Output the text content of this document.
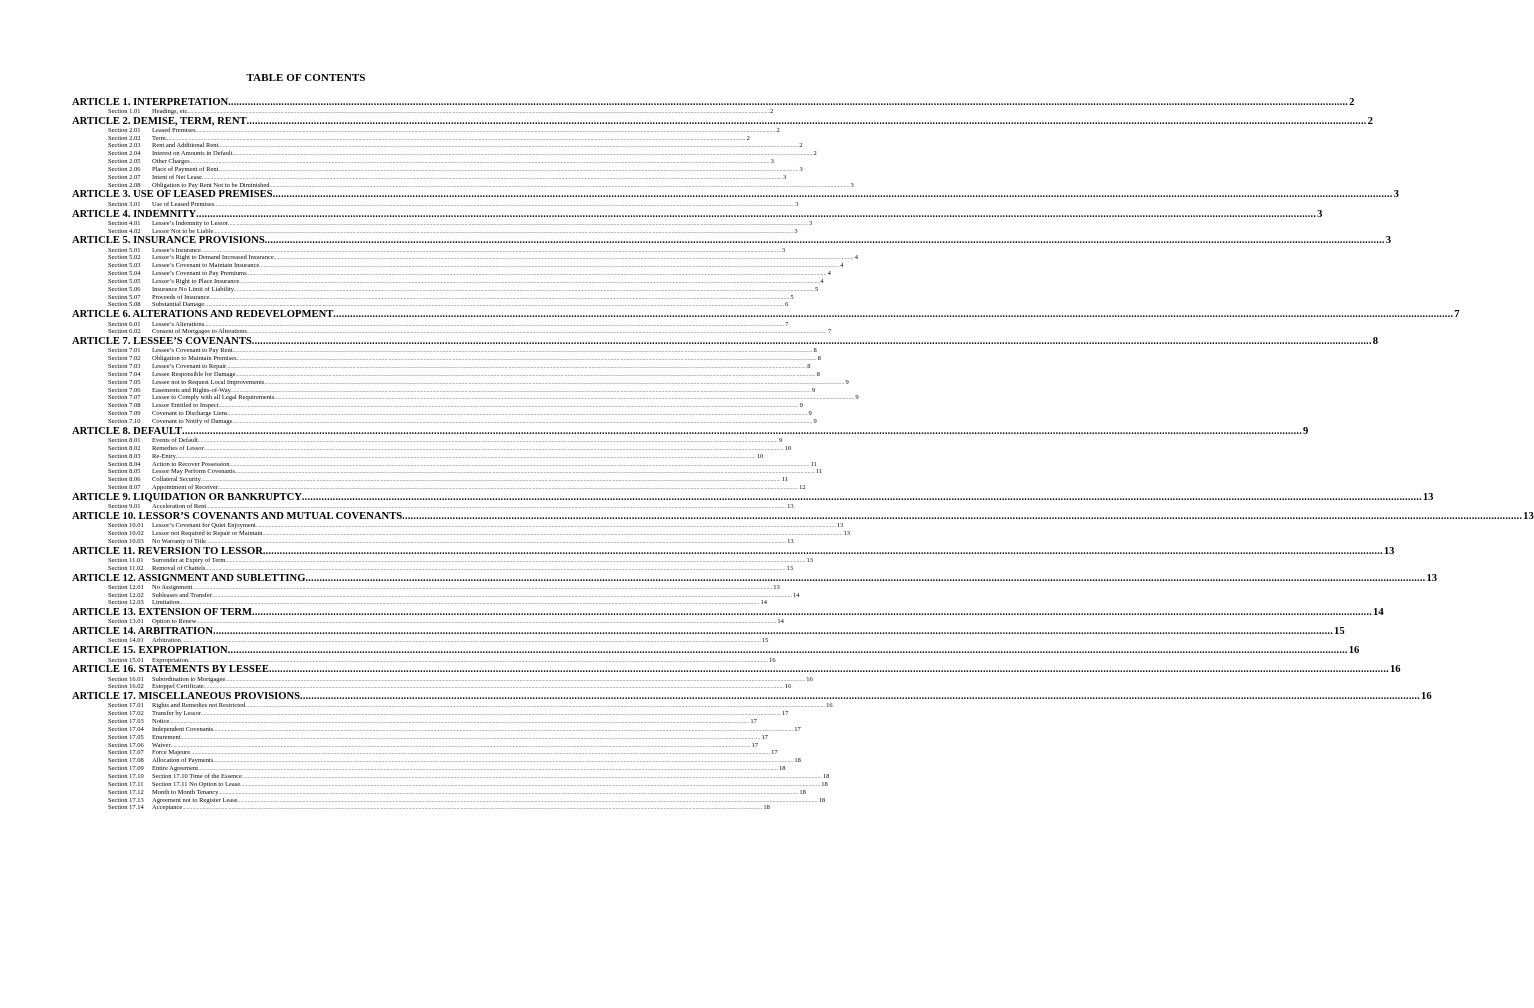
TABLE OF CONTENTS
ARTICLE 1. INTERPRETATION ................................................................................................................................................................................................................................................................................................................................................................................................................ 2
Section 1.01	Headings, etc. ................................................................................................................................................................................................................................................................................................................................................................................................................ 2
ARTICLE 2. DEMISE, TERM, RENT ................................................................................................................................................................................................................................................................................................................................................................................................................ 2
Section 2.01	Leased Premises ................................................................................................................................................................................................................................................................................................................................................................................................................ 2
Section 2.02	Term ................................................................................................................................................................................................................................................................................................................................................................................................................ 2
Section 2.03	Rent and Additional Rent ................................................................................................................................................................................................................................................................................................................................................................................................................ 2
Section 2.04	Interest on Amounts in Default ................................................................................................................................................................................................................................................................................................................................................................................................................ 2
Section 2.05	Other Charges ................................................................................................................................................................................................................................................................................................................................................................................................................ 3
Section 2.06	Place of Payment of Rent ................................................................................................................................................................................................................................................................................................................................................................................................................ 3
Section 2.07	Intent of Net Lease ................................................................................................................................................................................................................................................................................................................................................................................................................ 3
Section 2.08	Obligation to Pay Rent Not to be Diminished ................................................................................................................................................................................................................................................................................................................................................................................................................ 3
ARTICLE 3. USE OF LEASED PREMISES ................................................................................................................................................................................................................................................................................................................................................................................................................ 3
Section 3.01	Use of Leased Premises ................................................................................................................................................................................................................................................................................................................................................................................................................ 3
ARTICLE 4. INDEMNITY ................................................................................................................................................................................................................................................................................................................................................................................................................ 3
Section 4.01	Lessee’s Indemnity to Lessor ................................................................................................................................................................................................................................................................................................................................................................................................................ 3
Section 4.02	Lessor Not to be Liable ................................................................................................................................................................................................................................................................................................................................................................................................................ 3
ARTICLE 5. INSURANCE PROVISIONS ................................................................................................................................................................................................................................................................................................................................................................................................................ 3
Section 5.01	Lessee’s Insurance ................................................................................................................................................................................................................................................................................................................................................................................................................ 3
Section 5.02	Lessor’s Right to Demand Increased Insurance ................................................................................................................................................................................................................................................................................................................................................................................................................ 4
Section 5.03	Lessee’s Covenant to Maintain Insurance ................................................................................................................................................................................................................................................................................................................................................................................................................ 4
Section 5.04	Lessee’s Covenant to Pay Premiums ................................................................................................................................................................................................................................................................................................................................................................................................................ 4
Section 5.05	Lessor’s Right to Place Insurance ................................................................................................................................................................................................................................................................................................................................................................................................................ 4
Section 5.06	Insurance No Limit of Liability ................................................................................................................................................................................................................................................................................................................................................................................................................ 5
Section 5.07	Proceeds of Insurance ................................................................................................................................................................................................................................................................................................................................................................................................................ 5
Section 5.08	Substantial Damage ................................................................................................................................................................................................................................................................................................................................................................................................................ 6
ARTICLE 6. ALTERATIONS AND REDEVELOPMENT ................................................................................................................................................................................................................................................................................................................................................................................................................ 7
Section 6.01	Lessee’s Alterations ................................................................................................................................................................................................................................................................................................................................................................................................................ 7
Section 6.02	Consent of Mortgagee to Alterations ................................................................................................................................................................................................................................................................................................................................................................................................................ 7
ARTICLE 7. LESSEE’S COVENANTS ................................................................................................................................................................................................................................................................................................................................................................................................................ 8
Section 7.01	Lessee’s Covenant to Pay Rent ................................................................................................................................................................................................................................................................................................................................................................................................................ 8
Section 7.02	Obligation to Maintain Premises ................................................................................................................................................................................................................................................................................................................................................................................................................ 8
Section 7.03	Lessee’s Covenant to Repair ................................................................................................................................................................................................................................................................................................................................................................................................................ 8
Section 7.04	Lessee Responsible for Damage ................................................................................................................................................................................................................................................................................................................................................................................................................ 8
Section 7.05	Lessee not to Request Local Improvements ................................................................................................................................................................................................................................................................................................................................................................................................................ 9
Section 7.06	Easements and Rights-of-Way ................................................................................................................................................................................................................................................................................................................................................................................................................ 9
Section 7.07	Lessee to Comply with all Legal Requirements ................................................................................................................................................................................................................................................................................................................................................................................................................ 9
Section 7.08	Lessor Entitled to Inspect ................................................................................................................................................................................................................................................................................................................................................................................................................ 9
Section 7.09	Covenant to Discharge Liens ................................................................................................................................................................................................................................................................................................................................................................................................................ 9
Section 7.10	Covenant to Notify of Damage ................................................................................................................................................................................................................................................................................................................................................................................................................ 9
ARTICLE 8. DEFAULT ................................................................................................................................................................................................................................................................................................................................................................................................................ 9
Section 8.01	Events of Default ................................................................................................................................................................................................................................................................................................................................................................................................................ 9
Section 8.02	Remedies of Lessor ................................................................................................................................................................................................................................................................................................................................................................................................................ 10
Section 8.03	Re-Entry ................................................................................................................................................................................................................................................................................................................................................................................................................ 10
Section 8.04	Action to Recover Possession ................................................................................................................................................................................................................................................................................................................................................................................................................ 11
Section 8.05	Lessor May Perform Covenants ................................................................................................................................................................................................................................................................................................................................................................................................................ 11
Section 8.06	Collateral Security ................................................................................................................................................................................................................................................................................................................................................................................................................ 11
Section 8.07	Appointment of Receiver ................................................................................................................................................................................................................................................................................................................................................................................................................ 12
ARTICLE 9. LIQUIDATION OR BANKRUPTCY ................................................................................................................................................................................................................................................................................................................................................................................................................ 13
Section 9.01	Acceleration of Rent ................................................................................................................................................................................................................................................................................................................................................................................................................ 13
ARTICLE 10. LESSOR’S COVENANTS AND MUTUAL COVENANTS ................................................................................................................................................................................................................................................................................................................................................................................................................ 13
Section 10.01	Lessor’s Covenant for Quiet Enjoyment ................................................................................................................................................................................................................................................................................................................................................................................................................ 13
Section 10.02	Lessor not Required to Repair or Maintain ................................................................................................................................................................................................................................................................................................................................................................................................................ 13
Section 10.03	No Warranty of Title ................................................................................................................................................................................................................................................................................................................................................................................................................ 13
ARTICLE 11. REVERSION TO LESSOR ................................................................................................................................................................................................................................................................................................................................................................................................................ 13
Section 11.01	Surrender at Expiry of Term ................................................................................................................................................................................................................................................................................................................................................................................................................ 13
Section 11.02	Removal of Chattels ................................................................................................................................................................................................................................................................................................................................................................................................................ 13
ARTICLE 12. ASSIGNMENT AND SUBLETTING ................................................................................................................................................................................................................................................................................................................................................................................................................ 13
Section 12.01	No Assignment ................................................................................................................................................................................................................................................................................................................................................................................................................ 13
Section 12.02	Subleases and Transfer ................................................................................................................................................................................................................................................................................................................................................................................................................ 14
Section 12.03	Limitation ................................................................................................................................................................................................................................................................................................................................................................................................................ 14
ARTICLE 13. EXTENSION OF TERM ................................................................................................................................................................................................................................................................................................................................................................................................................ 14
Section 13.01	Option to Renew ................................................................................................................................................................................................................................................................................................................................................................................................................ 14
ARTICLE 14. ARBITRATION ................................................................................................................................................................................................................................................................................................................................................................................................................ 15
Section 14.01	Arbitration ................................................................................................................................................................................................................................................................................................................................................................................................................ 15
ARTICLE 15. EXPROPRIATION ................................................................................................................................................................................................................................................................................................................................................................................................................ 16
Section 15.01	Expropriation ................................................................................................................................................................................................................................................................................................................................................................................................................ 16
ARTICLE 16. STATEMENTS BY LESSEE ................................................................................................................................................................................................................................................................................................................................................................................................................ 16
Section 16.01	Subordination to Mortgagee ................................................................................................................................................................................................................................................................................................................................................................................................................ 16
Section 16.02	Estoppel Certificate ................................................................................................................................................................................................................................................................................................................................................................................................................ 16
ARTICLE 17. MISCELLANEOUS PROVISIONS ................................................................................................................................................................................................................................................................................................................................................................................................................ 16
Section 17.01	Rights and Remedies not Restricted ................................................................................................................................................................................................................................................................................................................................................................................................................ 16
Section 17.02	Transfer by Lessor ................................................................................................................................................................................................................................................................................................................................................................................................................ 17
Section 17.03	Notice ................................................................................................................................................................................................................................................................................................................................................................................................................ 17
Section 17.04	Independent Covenants ................................................................................................................................................................................................................................................................................................................................................................................................................ 17
Section 17.05	Enurement ................................................................................................................................................................................................................................................................................................................................................................................................................ 17
Section 17.06	Waiver ................................................................................................................................................................................................................................................................................................................................................................................................................ 17
Section 17.07	Force Majeure ................................................................................................................................................................................................................................................................................................................................................................................................................ 17
Section 17.08	Allocation of Payments ................................................................................................................................................................................................................................................................................................................................................................................................................ 18
Section 17.09	Entire Agreement ................................................................................................................................................................................................................................................................................................................................................................................................................ 18
Section 17.10	Section 17.10 Time of the Essence ................................................................................................................................................................................................................................................................................................................................................................................................................ 18
Section 17.11	Section 17.11 No Option to Lease ................................................................................................................................................................................................................................................................................................................................................................................................................ 18
Section 17.12	Month to Month Tenancy ................................................................................................................................................................................................................................................................................................................................................................................................................ 18
Section 17.13	Agreement not to Register Lease ................................................................................................................................................................................................................................................................................................................................................................................................................ 18
Section 17.14	Acceptance ................................................................................................................................................................................................................................................................................................................................................................................................................ 18
